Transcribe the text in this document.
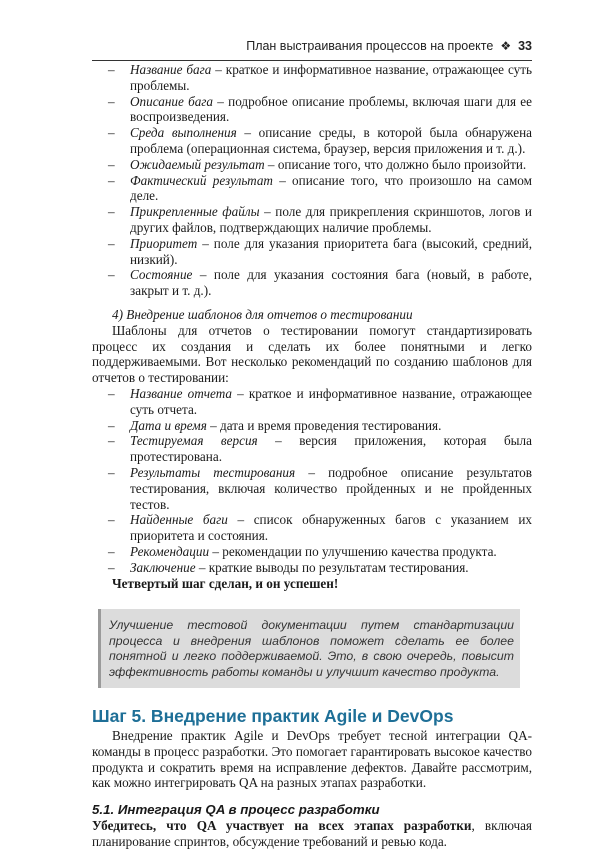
План выстраивания процессов на проекте ❖ 33
– Название бага – краткое и информативное название, отражающее суть проблемы.
– Описание бага – подробное описание проблемы, включая шаги для ее воспроизведения.
– Среда выполнения – описание среды, в которой была обнаружена проблема (операционная система, браузер, версия приложения и т. д.).
– Ожидаемый результат – описание того, что должно было произойти.
– Фактический результат – описание того, что произошло на самом деле.
– Прикрепленные файлы – поле для прикрепления скриншотов, логов и других файлов, подтверждающих наличие проблемы.
– Приоритет – поле для указания приоритета бага (высокий, средний, низкий).
– Состояние – поле для указания состояния бага (новый, в работе, закрыт и т. д.).

4) Внедрение шаблонов для отчетов о тестировании

Шаблоны для отчетов о тестировании помогут стандартизировать процесс их создания и сделать их более понятными и легко поддерживаемыми. Вот несколько рекомендаций по созданию шаблонов для отчетов о тестировании:

– Название отчета – краткое и информативное название, отражающее суть отчета.
– Дата и время – дата и время проведения тестирования.
– Тестируемая версия – версия приложения, которая была протестирована.
– Результаты тестирования – подробное описание результатов тестирования, включая количество пройденных и не пройденных тестов.
– Найденные баги – список обнаруженных багов с указанием их приоритета и состояния.
– Рекомендации – рекомендации по улучшению качества продукта.
– Заключение – краткие выводы по результатам тестирования.

Четвертый шаг сделан, и он успешен!

Улучшение тестовой документации путем стандартизации процесса и внедрения шаблонов поможет сделать ее более понятной и легко поддерживаемой. Это, в свою очередь, повысит эффективность работы команды и улучшит качество продукта.

Шаг 5. Внедрение практик Agile и DevOps

Внедрение практик Agile и DevOps требует тесной интеграции QA-команды в процесс разработки. Это помогает гарантировать высокое качество продукта и сократить время на исправление дефектов. Давайте рассмотрим, как можно интегрировать QA на разных этапах разработки.

5.1. Интеграция QA в процесс разработки

Убедитесь, что QA участвует на всех этапах разработки, включая планирование спринтов, обсуждение требований и ревью кода.
